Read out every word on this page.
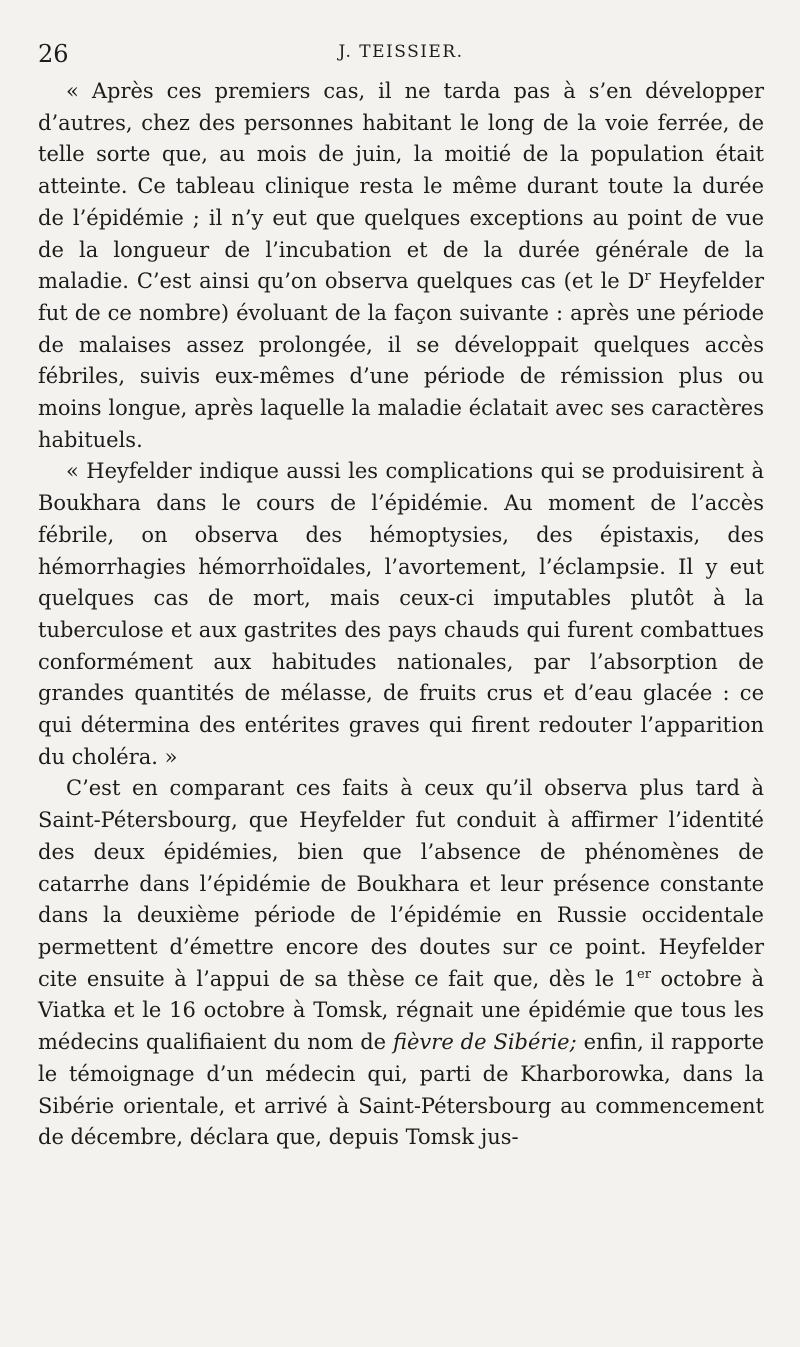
26	J. TEISSIER.

« Après ces premiers cas, il ne tarda pas à s’en développer d’autres, chez des personnes habitant le long de la voie ferrée, de telle sorte que, au mois de juin, la moitié de la population était atteinte. Ce tableau clinique resta le même durant toute la durée de l’épidémie ; il n’y eut que quelques exceptions au point de vue de la longueur de l’incubation et de la durée générale de la maladie. C’est ainsi qu’on observa quelques cas (et le $D^r$ Heyfelder fut de ce nombre) évoluant de la façon suivante : après une période de malaises assez prolongée, il se développait quelques accès fébriles, suivis eux-mêmes d’une période de rémission plus ou moins longue, après laquelle la maladie éclatait avec ses caractères habituels.

« Heyfelder indique aussi les complications qui se produisirent à Boukhara dans le cours de l’épidémie. Au moment de l’accès fébrile, on observa des hémoptysies, des épistaxis, des hémorrhagies hémorrhoïdales, l’avortement, l’éclampsie. Il y eut quelques cas de mort, mais ceux-ci imputables plutôt à la tuberculose et aux gastrites des pays chauds qui furent combattues conformément aux habitudes nationales, par l’absorption de grandes quantités de mélasse, de fruits crus et d’eau glacée : ce qui détermina des entérites graves qui firent redouter l’apparition du choléra. »

C’est en comparant ces faits à ceux qu’il observa plus tard à Saint-Pétersbourg, que Heyfelder fut conduit à affirmer l’identité des deux épidémies, bien que l’absence de phénomènes de catarrhe dans l’épidémie de Boukhara et leur présence constante dans la deuxième période de l’épidémie en Russie occidentale permettent d’émettre encore des doutes sur ce point. Heyfelder cite ensuite à l’appui de sa thèse ce fait que, dès le 1er octobre à Viatka et le 16 octobre à Tomsk, régnait une épidémie que tous les médecins qualifiaient du nom de fièvre de Sibérie; enfin, il rapporte le témoignage d’un médecin qui, parti de Kharborowka, dans la Sibérie orientale, et arrivé à Saint-Pétersbourg au commencement de décembre, déclara que, depuis Tomsk jus-
